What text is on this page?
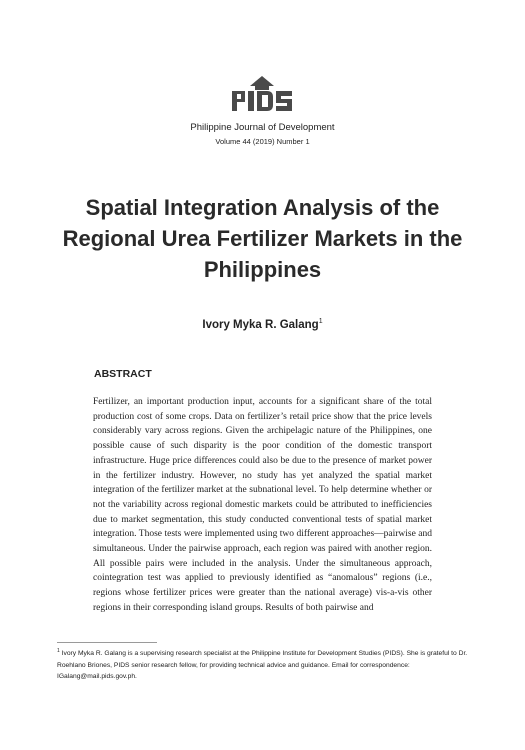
Philippine Journal of Development
Volume 44 (2019) Number 1
Spatial Integration Analysis of the Regional Urea Fertilizer Markets in the Philippines
Ivory Myka R. Galang$^1$
ABSTRACT

Fertilizer, an important production input, accounts for a significant share of the total production cost of some crops. Data on fertilizer’s retail price show that the price levels considerably vary across regions. Given the archipelagic nature of the Philippines, one possible cause of such disparity is the poor condition of the domestic transport infrastructure. Huge price differences could also be due to the presence of market power in the fertilizer industry. However, no study has yet analyzed the spatial market integration of the fertilizer market at the subnational level. To help determine whether or not the variability across regional domestic markets could be attributed to inefficiencies due to market segmentation, this study conducted conventional tests of spatial market integration. Those tests were implemented using two different approaches—pairwise and simultaneous. Under the pairwise approach, each region was paired with another region. All possible pairs were included in the analysis. Under the simultaneous approach, cointegration test was applied to previously identified as “anomalous” regions (i.e., regions whose fertilizer prices were greater than the national average) vis-a-vis other regions in their corresponding island groups. Results of both pairwise and

$^1$ Ivory Myka R. Galang is a supervising research specialist at the Philippine Institute for Development Studies (PIDS). She is grateful to Dr. Roehlano Briones, PIDS senior research fellow, for providing technical advice and guidance. Email for correspondence: IGalang@mail.pids.gov.ph.
